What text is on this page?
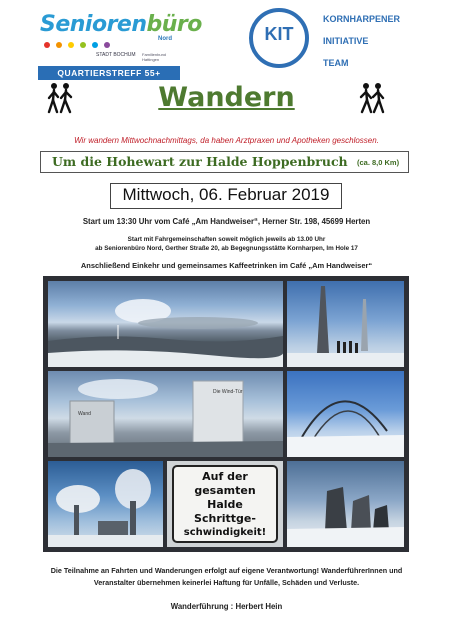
Seniorenbüro
Nord
STADT BOCHUM Familienbund Hattingen
QUARTIERSTREFF 55+
KIT
KORNHARPENER
INITIATIVE
TEAM
Wandern
Wir wandern Mittwochnachmittags, da haben Arztpraxen und Apotheken geschlossen.
Um die Hohewart zur Halde Hoppenbruch (ca. 8,0 Km)
Mittwoch, 06. Februar 2019
Start um 13:30 Uhr vom Café „Am Handweiser“, Herner Str. 198, 45699 Herten
Start mit Fahrgemeinschaften soweit möglich jeweils ab 13.00 Uhr
ab Seniorenbüro Nord, Gerther Straße 20, ab Begegnungsstätte Kornharpen, Im Hole 17
Anschließend Einkehr und gemeinsames Kaffeetrinken im Café „Am Handweiser“
Die Wind-Tür
Wand
Auf der
gesamten
Halde
Schrittge-
schwindigkeit!
Die Teilnahme an Fahrten und Wanderungen erfolgt auf eigene Verantwortung! WanderführerInnen und
Veranstalter übernehmen keinerlei Haftung für Unfälle, Schäden und Verluste.
Wanderführung : Herbert Hein
